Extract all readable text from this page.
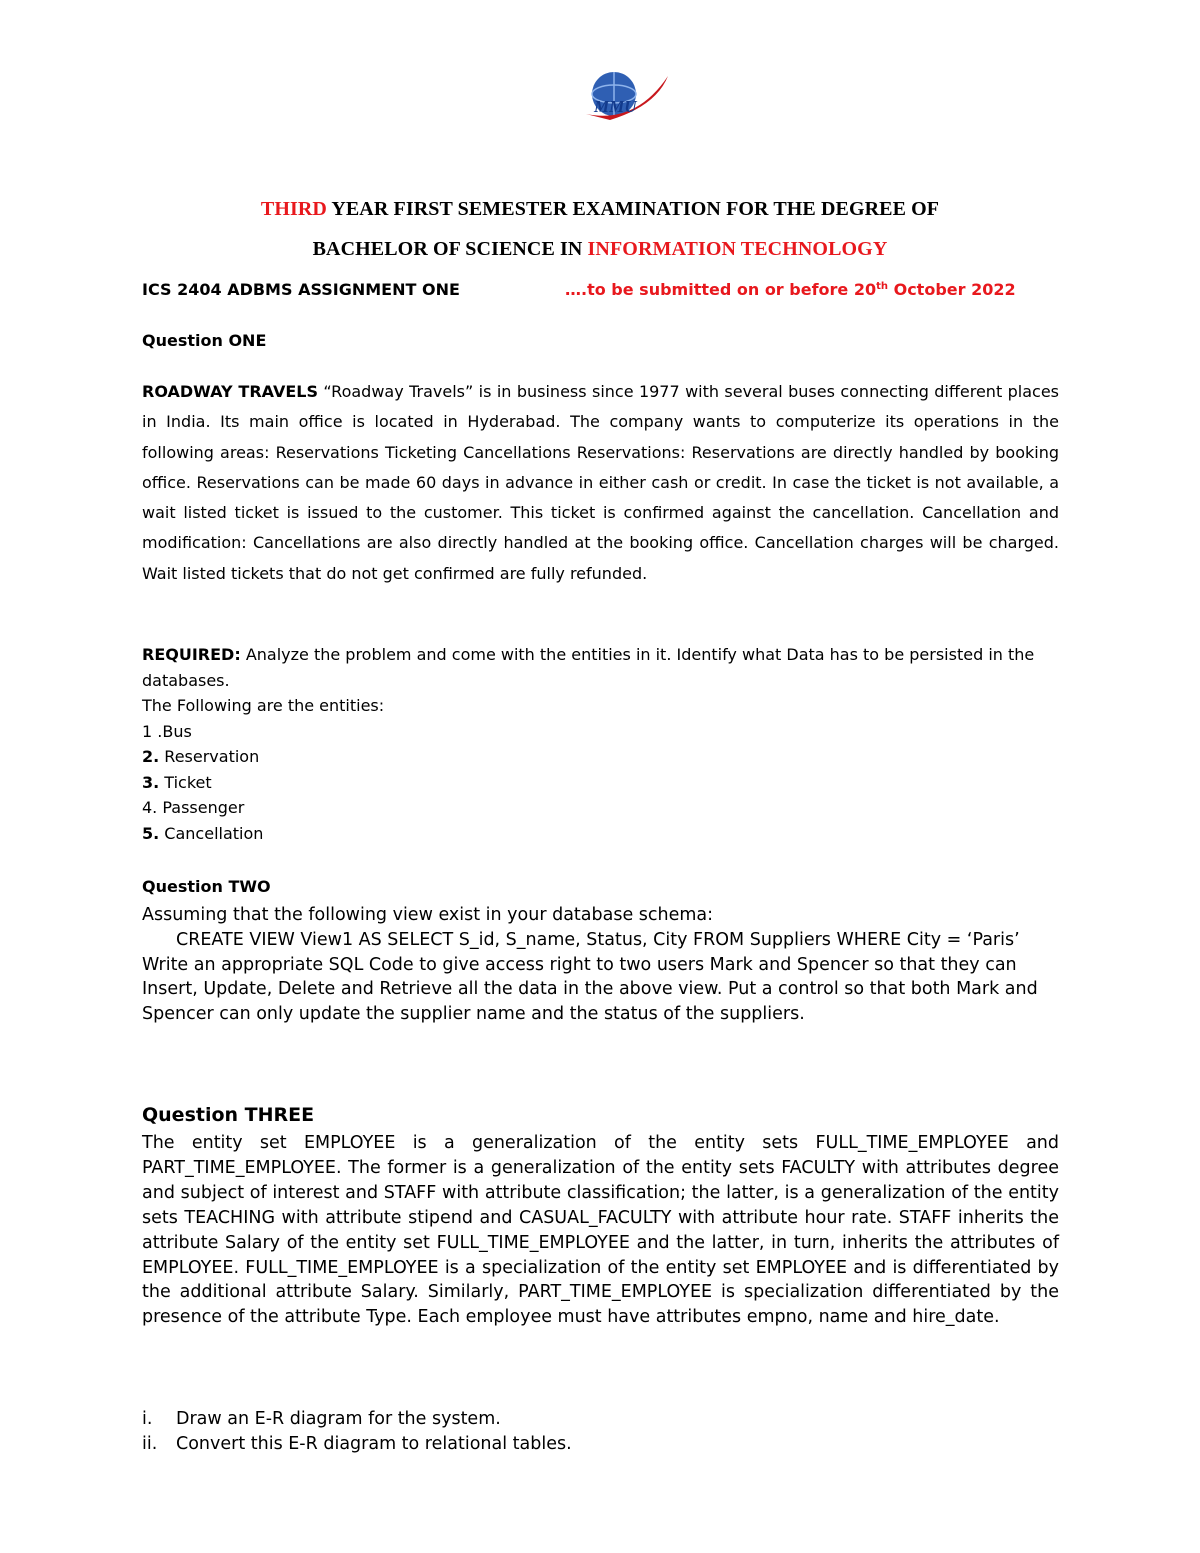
MMU
THIRD YEAR FIRST SEMESTER EXAMINATION FOR THE DEGREE OF
BACHELOR OF SCIENCE IN INFORMATION TECHNOLOGY
ICS 2404 ADBMS ASSIGNMENT ONE	….to be submitted on or before 20th October 2022
Question ONE
ROADWAY TRAVELS “Roadway Travels” is in business since 1977 with several buses connecting different places in India. Its main office is located in Hyderabad. The company wants to computerize its operations in the following areas: Reservations Ticketing Cancellations Reservations: Reservations are directly handled by booking office. Reservations can be made 60 days in advance in either cash or credit. In case the ticket is not available, a wait listed ticket is issued to the customer. This ticket is confirmed against the cancellation. Cancellation and modification: Cancellations are also directly handled at the booking office. Cancellation charges will be charged. Wait listed tickets that do not get confirmed are fully refunded.
REQUIRED: Analyze the problem and come with the entities in it. Identify what Data has to be persisted in the databases.
The Following are the entities:
1 .Bus
2. Reservation
3. Ticket
4. Passenger
5. Cancellation
Question TWO
Assuming that the following view exist in your database schema:
CREATE VIEW View1 AS SELECT S_id, S_name, Status, City FROM Suppliers WHERE City = ‘Paris’
Write an appropriate SQL Code to give access right to two users Mark and Spencer so that they can Insert, Update, Delete and Retrieve all the data in the above view. Put a control so that both Mark and Spencer can only update the supplier name and the status of the suppliers.
Question THREE
The entity set EMPLOYEE is a generalization of the entity sets FULL_TIME_EMPLOYEE and PART_TIME_EMPLOYEE. The former is a generalization of the entity sets FACULTY with attributes degree and subject of interest and STAFF with attribute classification; the latter, is a generalization of the entity sets TEACHING with attribute stipend and CASUAL_FACULTY with attribute hour rate. STAFF inherits the attribute Salary of the entity set FULL_TIME_EMPLOYEE and the latter, in turn, inherits the attributes of EMPLOYEE. FULL_TIME_EMPLOYEE is a specialization of the entity set EMPLOYEE and is differentiated by the additional attribute Salary. Similarly, PART_TIME_EMPLOYEE is specialization differentiated by the presence of the attribute Type. Each employee must have attributes empno, name and hire_date.
i.	Draw an E-R diagram for the system.
ii.	Convert this E-R diagram to relational tables.
